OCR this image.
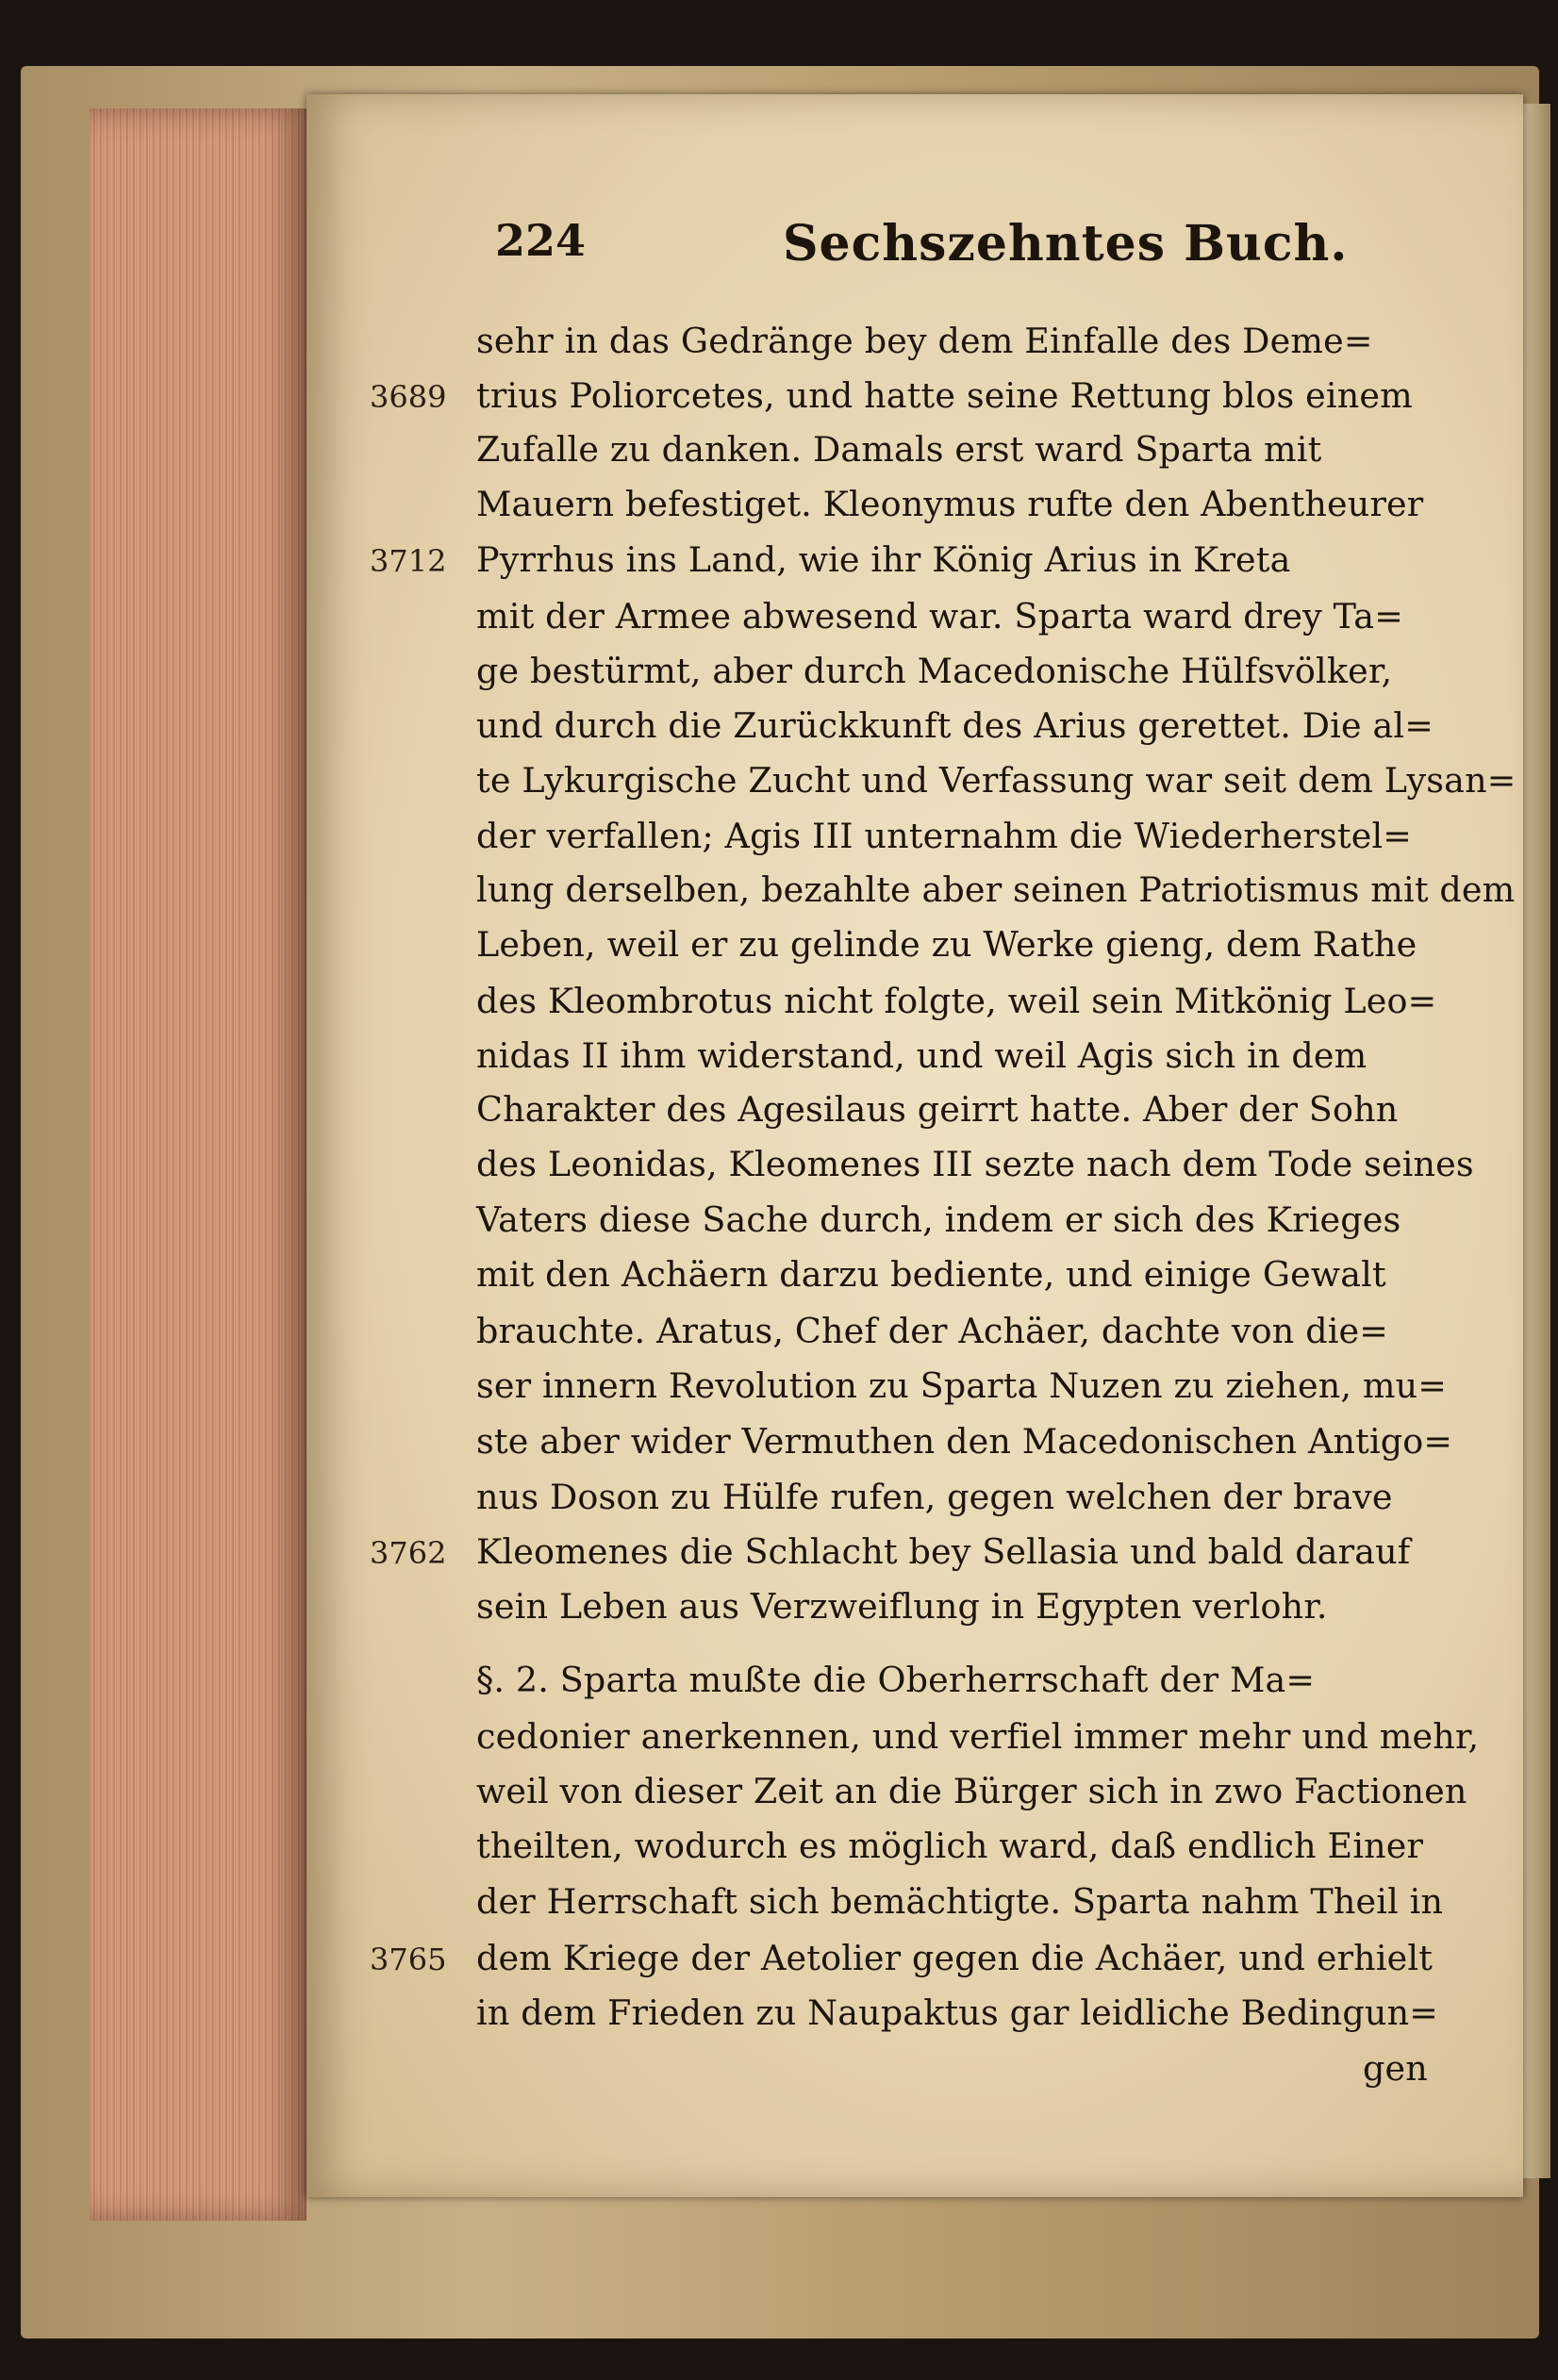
224	Sechszehntes Buch.
sehr in das Gedränge bey dem Einfalle des Deme=
trius Poliorcetes, und hatte seine Rettung blos einem
Zufalle zu danken. Damals erst ward Sparta mit
Mauern befestiget. Kleonymus rufte den Abentheurer
Pyrrhus ins Land, wie ihr König Arius in Kreta
mit der Armee abwesend war. Sparta ward drey Ta=
ge bestürmt, aber durch Macedonische Hülfsvölker,
und durch die Zurückkunft des Arius gerettet. Die al=
te Lykurgische Zucht und Verfassung war seit dem Lysan=
der verfallen; Agis III unternahm die Wiederherstel=
lung derselben, bezahlte aber seinen Patriotismus mit dem
Leben, weil er zu gelinde zu Werke gieng, dem Rathe
des Kleombrotus nicht folgte, weil sein Mitkönig Leo=
nidas II ihm widerstand, und weil Agis sich in dem
Charakter des Agesilaus geirrt hatte. Aber der Sohn
des Leonidas, Kleomenes III sezte nach dem Tode seines
Vaters diese Sache durch, indem er sich des Krieges
mit den Achäern darzu bediente, und einige Gewalt
brauchte. Aratus, Chef der Achäer, dachte von die=
ser innern Revolution zu Sparta Nuzen zu ziehen, mu=
ste aber wider Vermuthen den Macedonischen Antigo=
nus Doson zu Hülfe rufen, gegen welchen der brave
Kleomenes die Schlacht bey Sellasia und bald darauf
sein Leben aus Verzweiflung in Egypten verlohr.
§. 2. Sparta mußte die Oberherrschaft der Ma=
cedonier anerkennen, und verfiel immer mehr und mehr,
weil von dieser Zeit an die Bürger sich in zwo Factionen
theilten, wodurch es möglich ward, daß endlich Einer
der Herrschaft sich bemächtigte. Sparta nahm Theil in
dem Kriege der Aetolier gegen die Achäer, und erhielt
in dem Frieden zu Naupaktus gar leidliche Bedingun=
gen
3689
3712
3762
3765
